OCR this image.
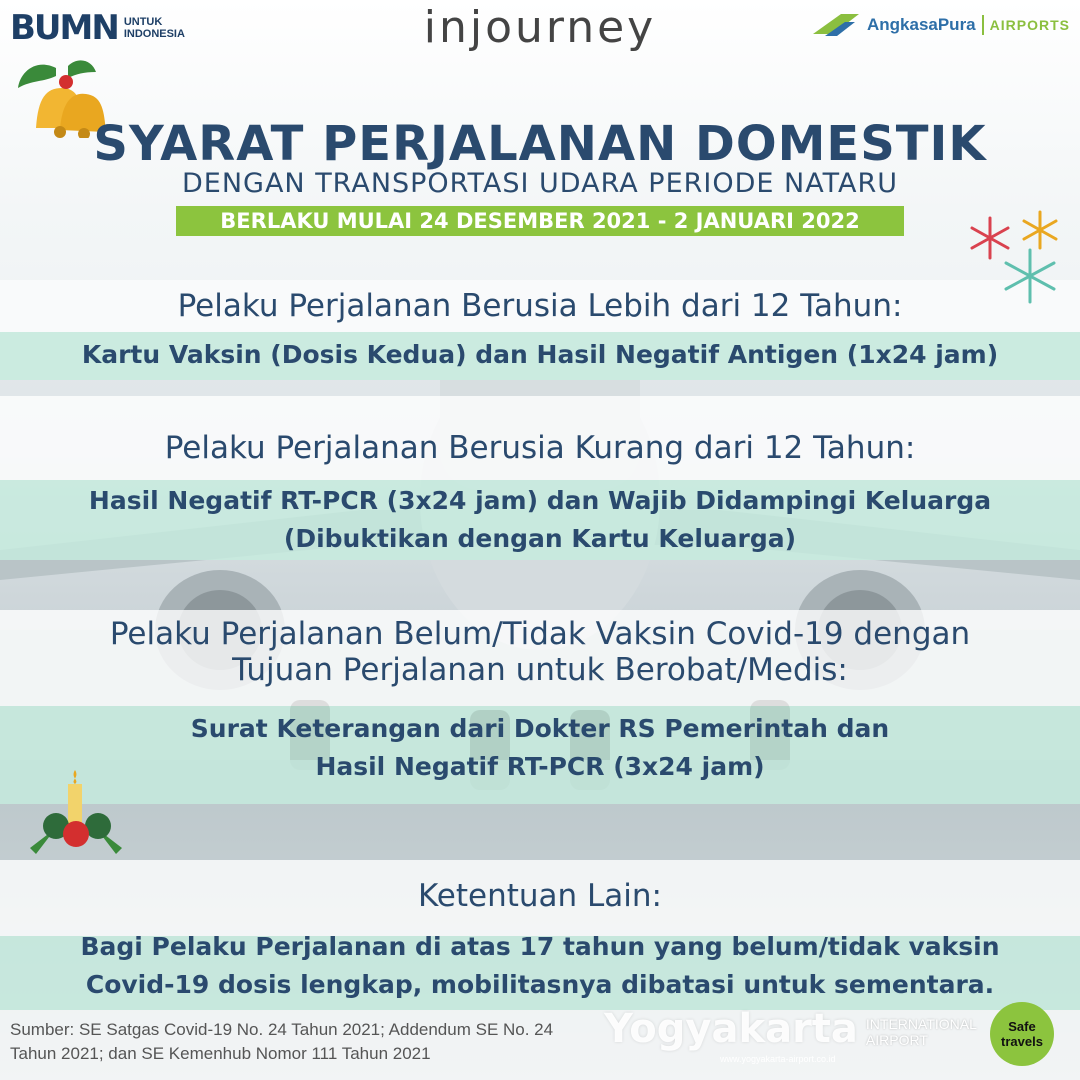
BUMN UNTUK
INDONESIA	injourney	AngkasaPura AIRPORTS
SYARAT PERJALANAN DOMESTIK
DENGAN TRANSPORTASI UDARA PERIODE NATARU
BERLAKU MULAI 24 DESEMBER 2021 - 2 JANUARI 2022
Pelaku Perjalanan Berusia Lebih dari 12 Tahun:
Kartu Vaksin (Dosis Kedua) dan Hasil Negatif Antigen (1x24 jam)
Pelaku Perjalanan Berusia Kurang dari 12 Tahun:
Hasil Negatif RT-PCR (3x24 jam) dan Wajib Didampingi Keluarga
(Dibuktikan dengan Kartu Keluarga)
Pelaku Perjalanan Belum/Tidak Vaksin Covid-19 dengan
Tujuan Perjalanan untuk Berobat/Medis:
Surat Keterangan dari Dokter RS Pemerintah dan
Hasil Negatif RT-PCR (3x24 jam)
Ketentuan Lain:
Bagi Pelaku Perjalanan di atas 17 tahun yang belum/tidak vaksin
Covid-19 dosis lengkap, mobilitasnya dibatasi untuk sementara.
Sumber: SE Satgas Covid-19 No. 24 Tahun 2021; Addendum SE No. 24
Tahun 2021; dan SE Kemenhub Nomor 111 Tahun 2021
Yogyakarta INTERNATIONAL
AIRPORT
www.yogyakarta-airport.co.id
Safe
travels
